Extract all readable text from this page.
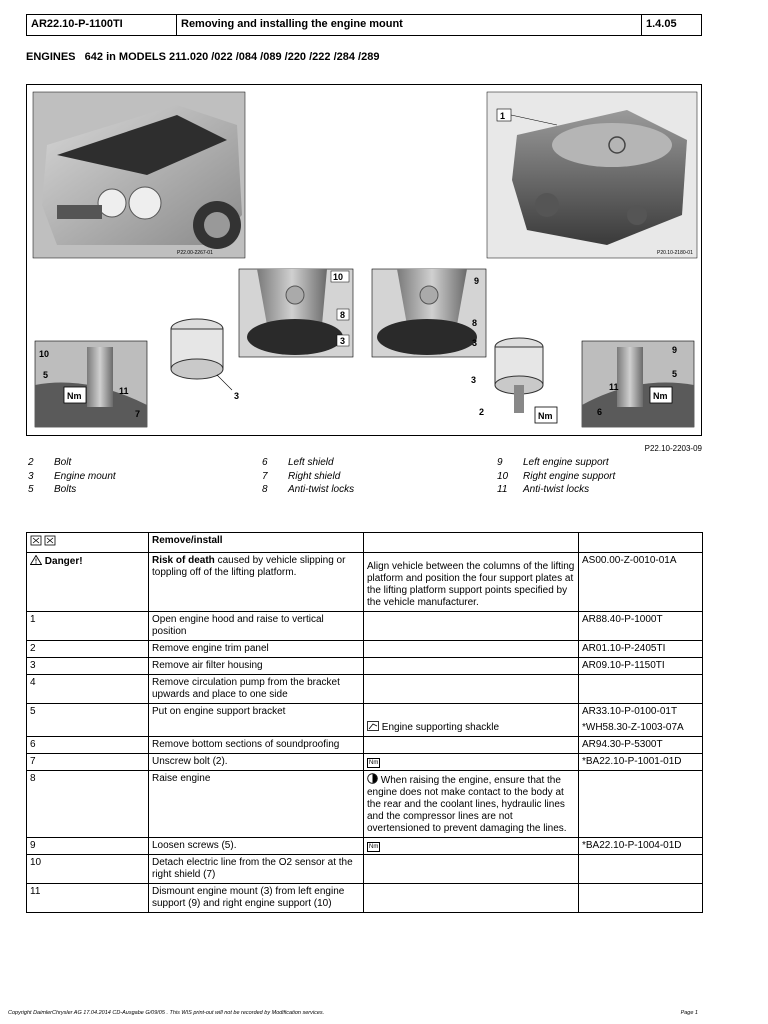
AR22.10-P-1100TI	Removing and installing the engine mount	1.4.05
ENGINES   642 in MODELS 211.020 /022 /084 /089 /220 /222 /284 /289
P22.00-2267-01
1
P20.10-2180-01
10
8
3
10
5
Nm	11
7
3
9
8
3
3
2	Nm
9
5
11
Nm
6
P22.10-2203-09
2	Bolt
3	Engine mount
5	Bolts
6	Left shield
7	Right shield
8	Anti-twist locks
9	Left engine support
10	Right engine support
11	Anti-twist locks
	Remove/install		
Danger!	Risk of death caused by vehicle slipping or toppling off of the lifting platform.	Align vehicle between the columns of the lifting platform and position the four support plates at the lifting platform support points specified by the vehicle manufacturer.	AS00.00-Z-0010-01A
1	Open engine hood and raise to vertical position		AR88.40-P-1000T
2	Remove engine trim panel		AR01.10-P-2405TI
3	Remove air filter housing		AR09.10-P-1150TI
4	Remove circulation pump from the bracket upwards and place to one side		
5	Put on engine support bracket	Engine supporting shackle	AR33.10-P-0100-01T
*WH58.30-Z-1003-07A

6	Remove bottom sections of soundproofing		AR94.30-P-5300T
7	Unscrew bolt (2).	Nm	*BA22.10-P-1001-01D
8	Raise engine	When raising the engine, ensure that the engine does not make contact to the body at the rear and the coolant lines, hydraulic lines and the compressor lines are not overtensioned to prevent damaging the lines.	
9	Loosen screws (5).	Nm	*BA22.10-P-1004-01D
10	Detach electric line from the O2 sensor at the right shield (7)		
11	Dismount engine mount (3) from left engine support (9) and right engine support (10)		
Copyright DaimlerChrysler AG 17.04.2014 CD-Ausgabe G/09/05 . This WIS print-out will not be recorded by Modification services.	Page 1
